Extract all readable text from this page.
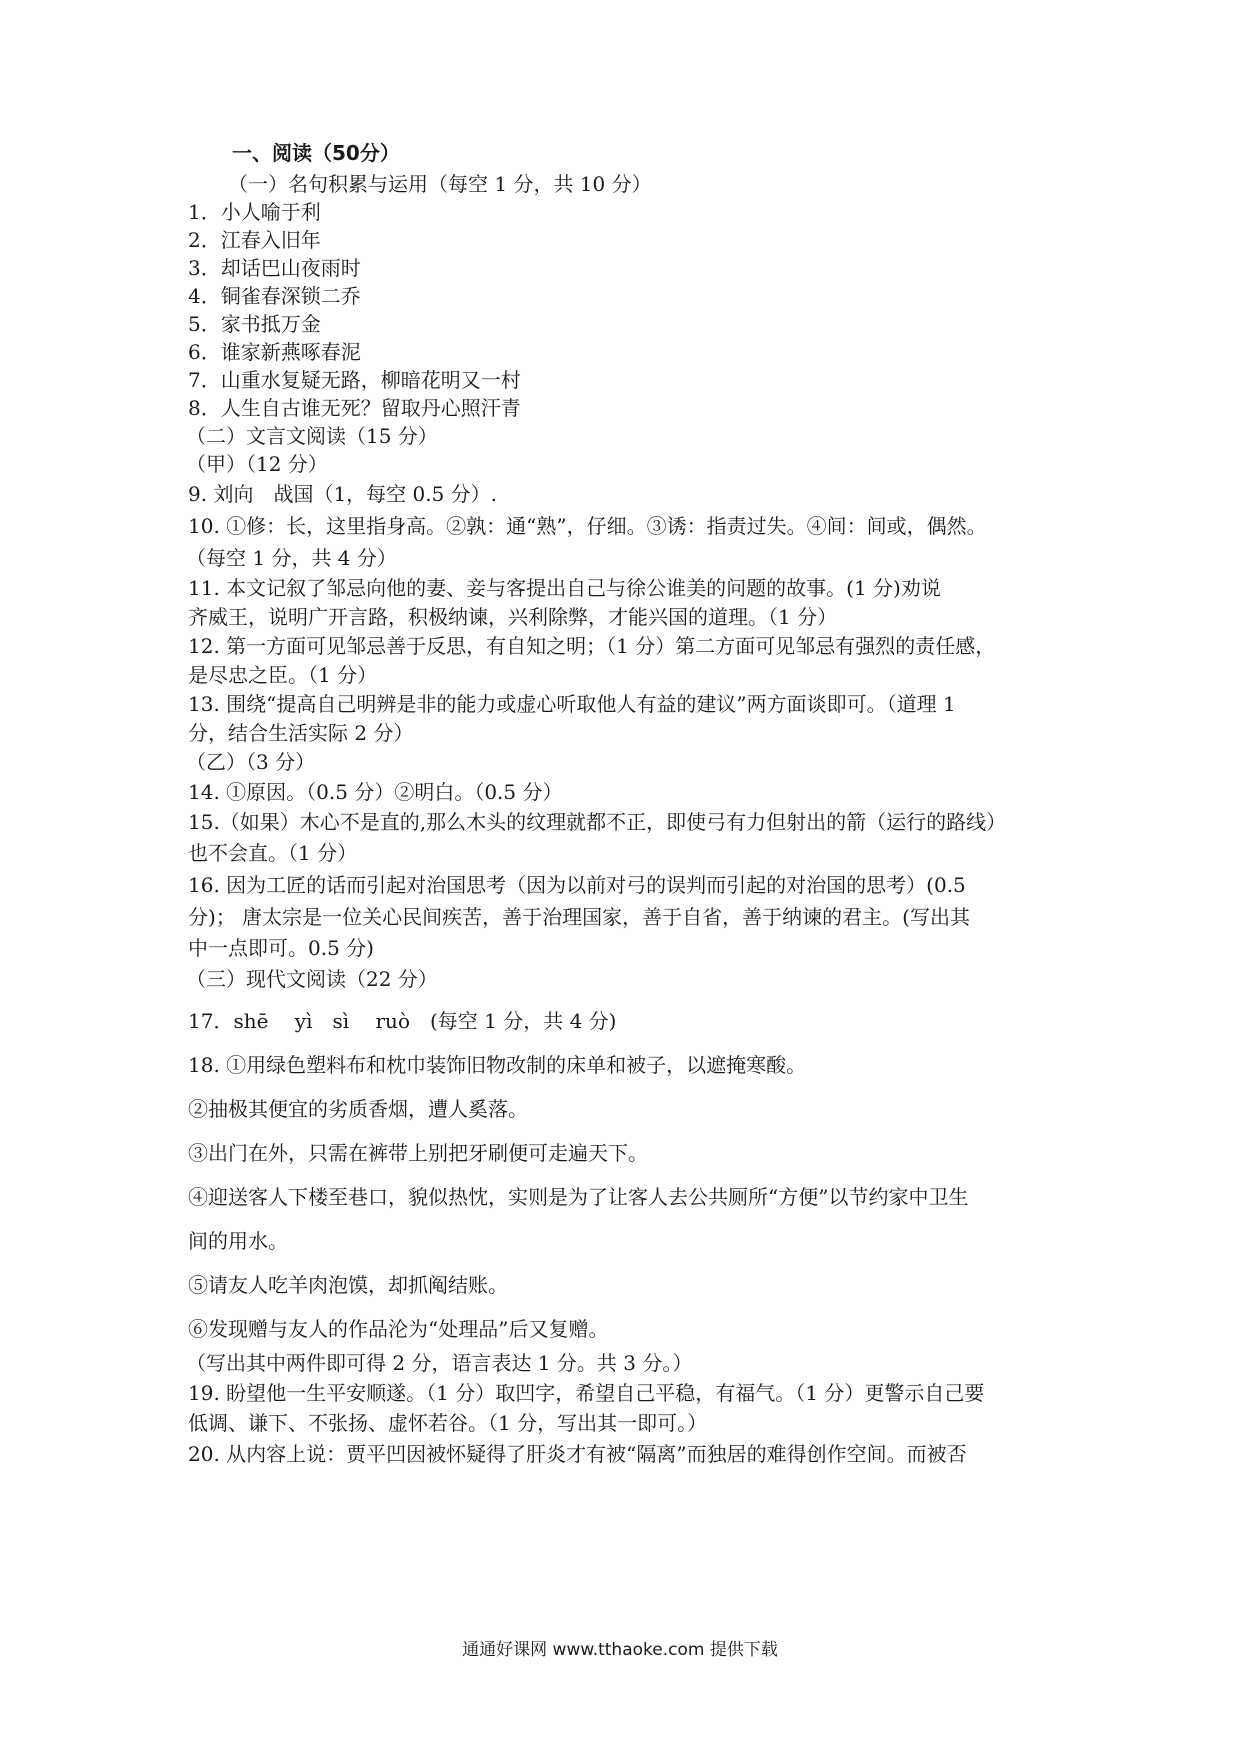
一、阅读（50分）
（一）名句积累与运用（每空 1 分，共 10 分）
1．小人喻于利
2．江春入旧年
3．却话巴山夜雨时
4．铜雀春深锁二乔
5．家书抵万金
6．谁家新燕啄春泥
7．山重水复疑无路，柳暗花明又一村
8．人生自古谁无死？留取丹心照汗青
（二）文言文阅读（15 分）
（甲）（12 分）
9. 刘向　战国（1，每空 0.5 分）.
10. ①修：长，这里指身高。②孰：通“熟”，仔细。③诱：指责过失。④间：间或，偶然。
（每空 1 分，共 4 分）
11. 本文记叙了邹忌向他的妻、妾与客提出自己与徐公谁美的问题的故事。(1 分)劝说
齐威王，说明广开言路，积极纳谏，兴利除弊，才能兴国的道理。（1 分）
12. 第一方面可见邹忌善于反思，有自知之明；（1 分）第二方面可见邹忌有强烈的责任感，
是尽忠之臣。（1 分）
13. 围绕“提高自己明辨是非的能力或虚心听取他人有益的建议”两方面谈即可。（道理 1
分，结合生活实际 2 分）
（乙）（3 分）
14. ①原因。（0.5 分）②明白。（0.5 分）
15.（如果）木心不是直的,那么木头的纹理就都不正，即使弓有力但射出的箭（运行的路线）
也不会直。（1 分）
16. 因为工匠的话而引起对治国思考（因为以前对弓的误判而引起的对治国的思考）(0.5
分)； 唐太宗是一位关心民间疾苦，善于治理国家，善于自省，善于纳谏的君主。(写出其
中一点即可。0.5 分)
（三）现代文阅读（22 分）
17．shē　 yì　sì　 ruò　(每空 1 分，共 4 分)
18. ①用绿色塑料布和枕巾装饰旧物改制的床单和被子，以遮掩寒酸。
②抽极其便宜的劣质香烟，遭人奚落。
③出门在外，只需在裤带上别把牙刷便可走遍天下。
④迎送客人下楼至巷口，貌似热忱，实则是为了让客人去公共厕所“方便”以节约家中卫生
间的用水。
⑤请友人吃羊肉泡馍，却抓阄结账。
⑥发现赠与友人的作品沦为“处理品”后又复赠。
（写出其中两件即可得 2 分，语言表达 1 分。共 3 分。）
19. 盼望他一生平安顺遂。（1 分）取凹字，希望自己平稳，有福气。（1 分）更警示自己要
低调、谦下、不张扬、虚怀若谷。（1 分，写出其一即可。）
20. 从内容上说：贾平凹因被怀疑得了肝炎才有被“隔离”而独居的难得创作空间。而被否
通通好课网 www.tthaoke.com 提供下载
